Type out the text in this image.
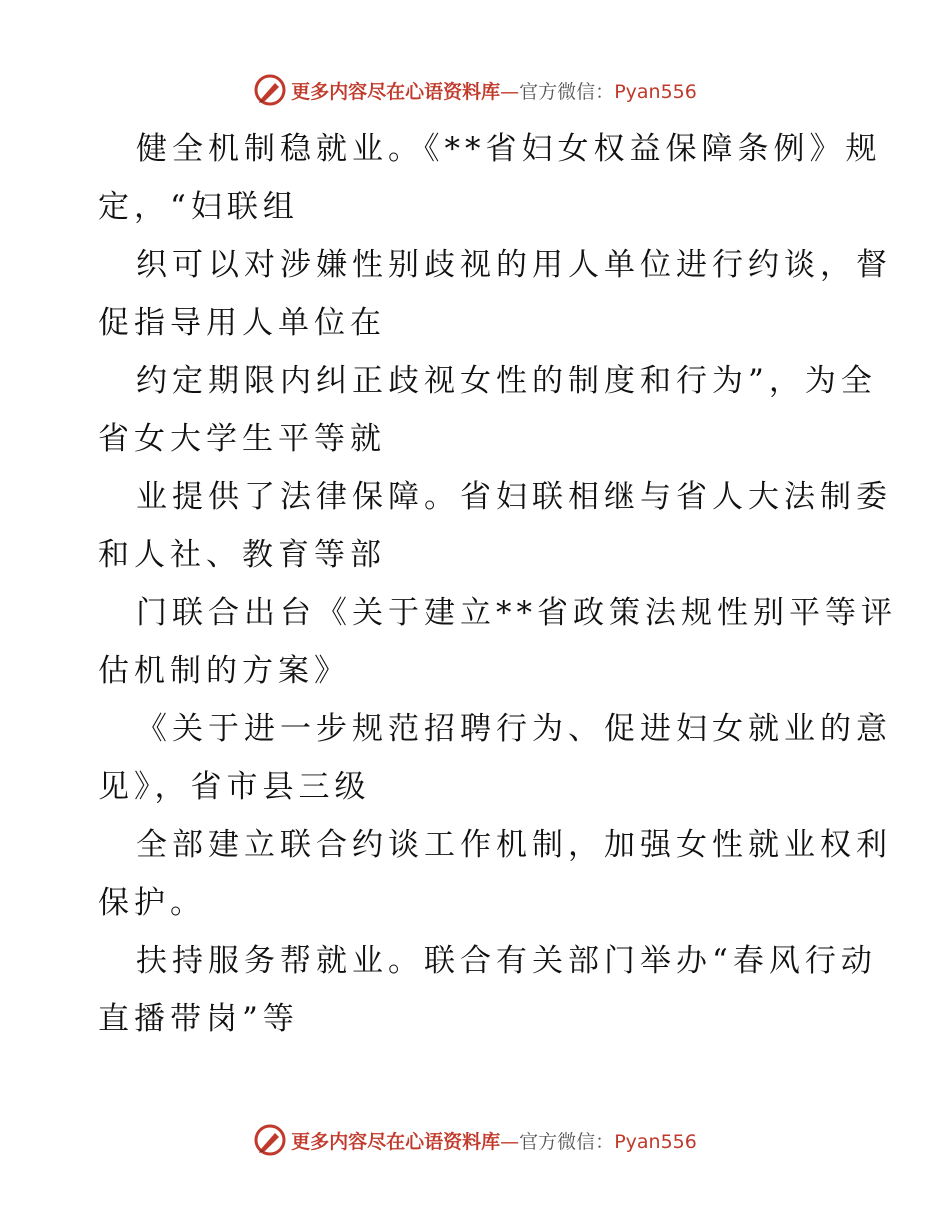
更多内容尽在心语资料库—官方微信：Pyan556

健全机制稳就业。《**省妇女权益保障条例》规
定，“妇联组

织可以对涉嫌性别歧视的用人单位进行约谈，督
促指导用人单位在

约定期限内纠正歧视女性的制度和行为”，为全
省女大学生平等就

业提供了法律保障。省妇联相继与省人大法制委
和人社、教育等部

门联合出台《关于建立**省政策法规性别平等评
估机制的方案》

《关于进一步规范招聘行为、促进妇女就业的意
见》，省市县三级

全部建立联合约谈工作机制，加强女性就业权利
保护。

扶持服务帮就业。联合有关部门举办“春风行动
直播带岗”等

更多内容尽在心语资料库—官方微信：Pyan556
